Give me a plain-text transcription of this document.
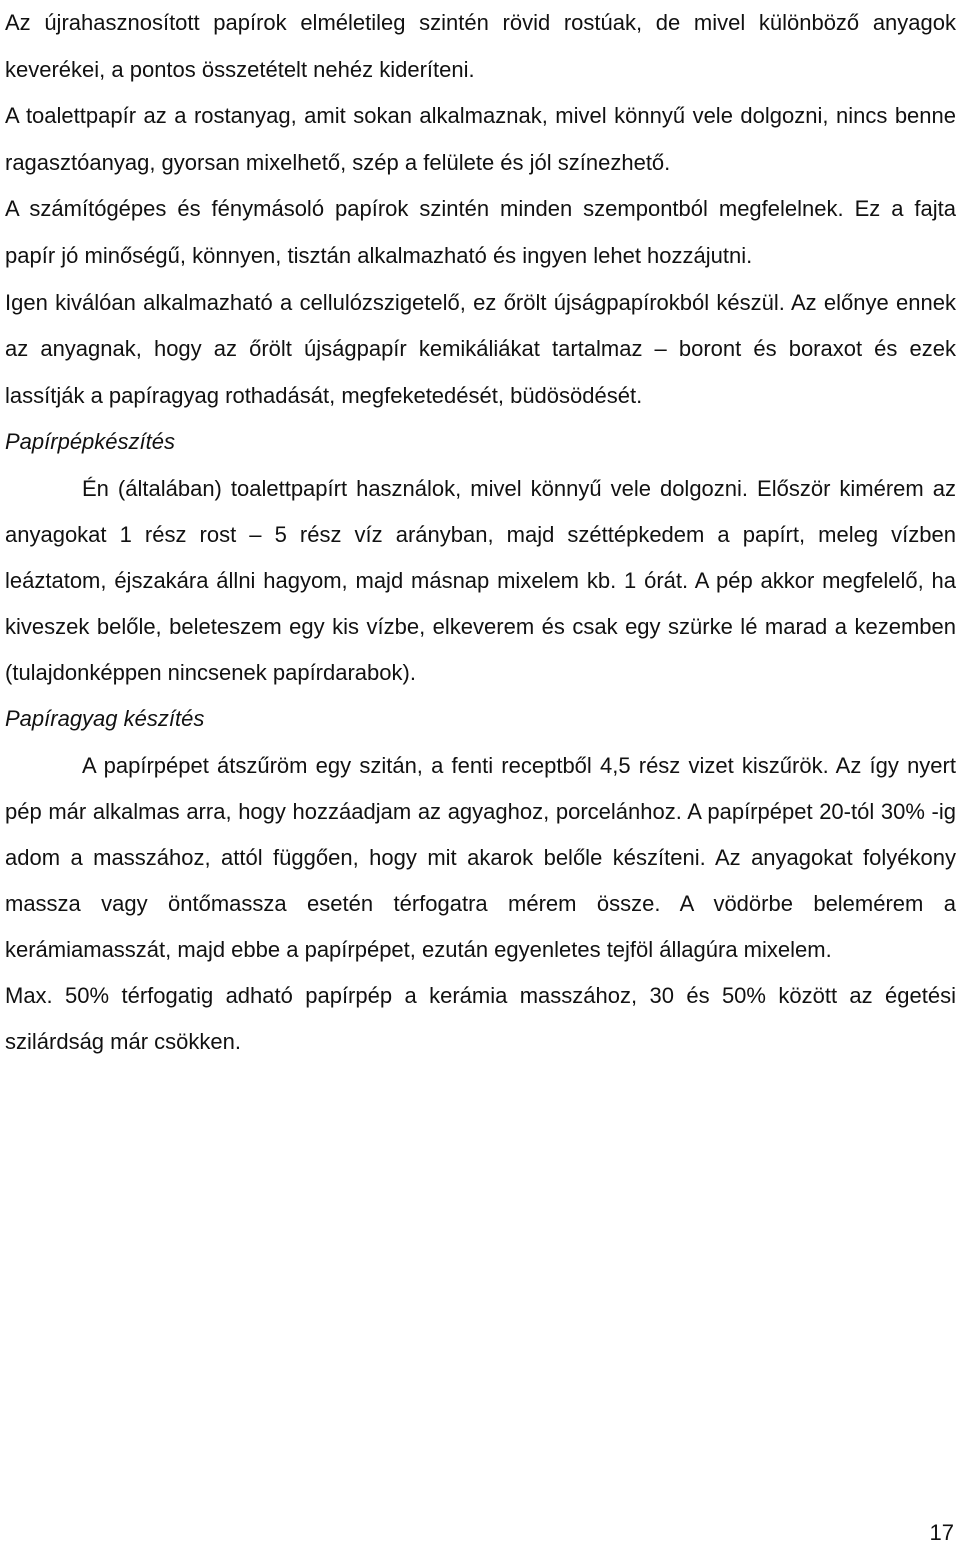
Az újrahasznosított papírok elméletileg szintén rövid rostúak, de mivel különböző anyagok keverékei, a pontos összetételt nehéz kideríteni.

A toalettpapír az a rostanyag, amit sokan alkalmaznak, mivel könnyű vele dolgozni, nincs benne ragasztóanyag, gyorsan mixelhető, szép a felülete és jól színezhető.

A számítógépes és fénymásoló papírok szintén minden szempontból megfelelnek. Ez a fajta papír jó minőségű, könnyen, tisztán alkalmazható és ingyen lehet hozzájutni.

Igen kiválóan alkalmazható a cellulózszigetelő, ez őrölt újságpapírokból készül. Az előnye ennek az anyagnak, hogy az őrölt újságpapír kemikáliákat tartalmaz – boront és boraxot és ezek lassítják a papíragyag rothadását, megfeketedését, büdösödését.

Papírpépkészítés

Én (általában) toalettpapírt használok, mivel könnyű vele dolgozni. Először kimérem az anyagokat 1 rész rost – 5 rész víz arányban, majd széttépkedem a papírt, meleg vízben leáztatom, éjszakára állni hagyom, majd másnap mixelem kb. 1 órát. A pép akkor megfelelő, ha kiveszek belőle, beleteszem egy kis vízbe, elkeverem és csak egy szürke lé marad a kezemben (tulajdonképpen nincsenek papírdarabok).

Papíragyag készítés

A papírpépet átszűröm egy szitán, a fenti receptből 4,5 rész vizet kiszűrök. Az így nyert pép már alkalmas arra, hogy hozzáadjam az agyaghoz, porcelánhoz. A papírpépet 20-tól 30% -ig adom a masszához, attól függően, hogy mit akarok belőle készíteni. Az anyagokat folyékony massza vagy öntőmassza esetén térfogatra mérem össze. A vödörbe belemérem a kerámiamasszát, majd ebbe a papírpépet, ezután egyenletes tejföl állagúra mixelem.

Max. 50% térfogatig adható papírpép a kerámia masszához, 30 és 50% között az égetési szilárdság már csökken.

17
